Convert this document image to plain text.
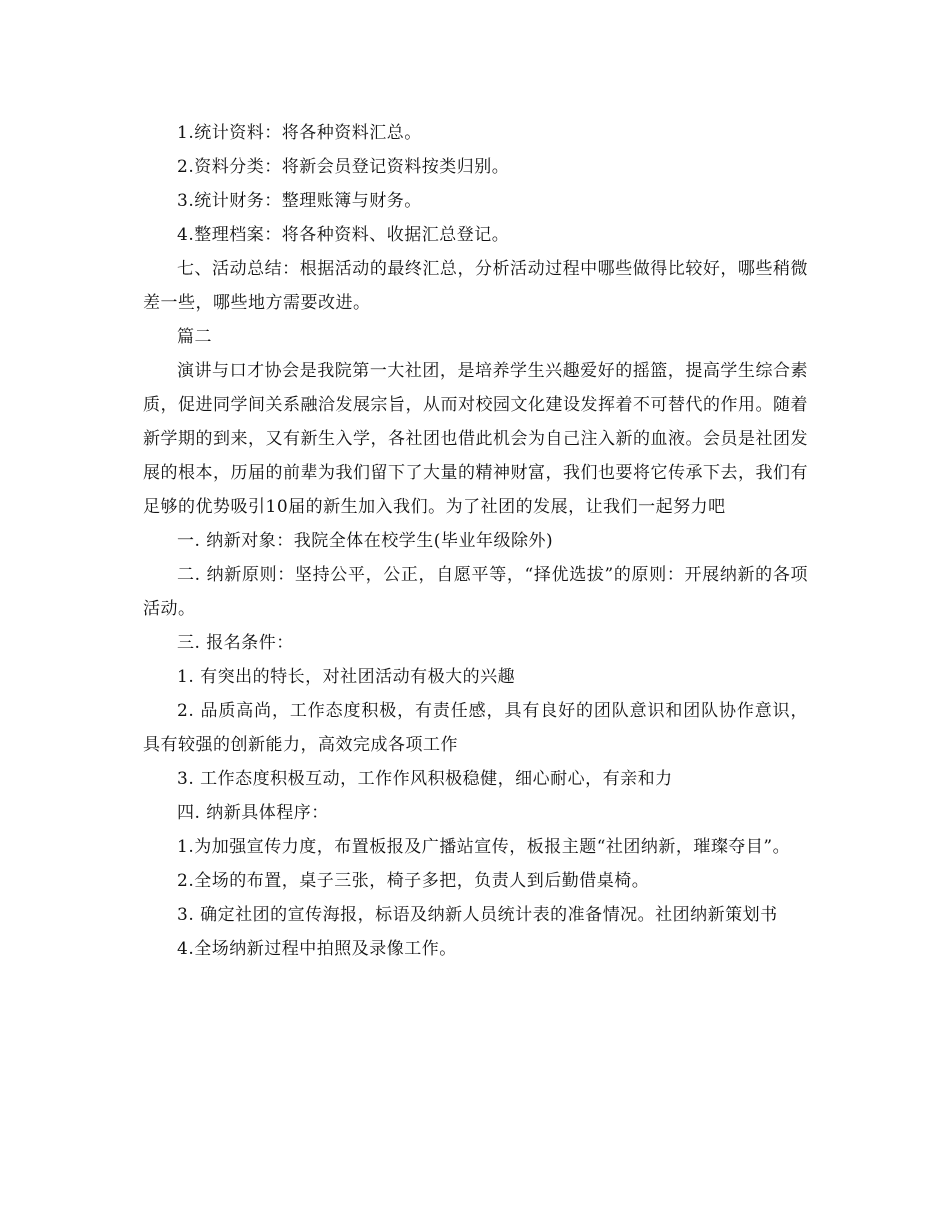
1.统计资料：将各种资料汇总。

2.资料分类：将新会员登记资料按类归别。

3.统计财务：整理账簿与财务。

4.整理档案：将各种资料、收据汇总登记。

七、活动总结：根据活动的最终汇总，分析活动过程中哪些做得比较好，哪些稍微差一些，哪些地方需要改进。

篇二

演讲与口才协会是我院第一大社团，是培养学生兴趣爱好的摇篮，提高学生综合素质，促进同学间关系融洽发展宗旨，从而对校园文化建设发挥着不可替代的作用。随着新学期的到来，又有新生入学，各社团也借此机会为自己注入新的血液。会员是社团发展的根本，历届的前辈为我们留下了大量的精神财富，我们也要将它传承下去，我们有足够的优势吸引10届的新生加入我们。为了社团的发展，让我们一起努力吧

一. 纳新对象：我院全体在校学生(毕业年级除外)

二. 纳新原则：坚持公平，公正，自愿平等，“择优选拔”的原则：开展纳新的各项活动。

三. 报名条件：

1. 有突出的特长，对社团活动有极大的兴趣

2. 品质高尚，工作态度积极，有责任感，具有良好的团队意识和团队协作意识，具有较强的创新能力，高效完成各项工作

3. 工作态度积极互动，工作作风积极稳健，细心耐心，有亲和力

四. 纳新具体程序：

1.为加强宣传力度，布置板报及广播站宣传，板报主题“社团纳新，璀璨夺目”。

2.全场的布置，桌子三张，椅子多把，负责人到后勤借桌椅。

3. 确定社团的宣传海报，标语及纳新人员统计表的准备情况。社团纳新策划书

4.全场纳新过程中拍照及录像工作。
